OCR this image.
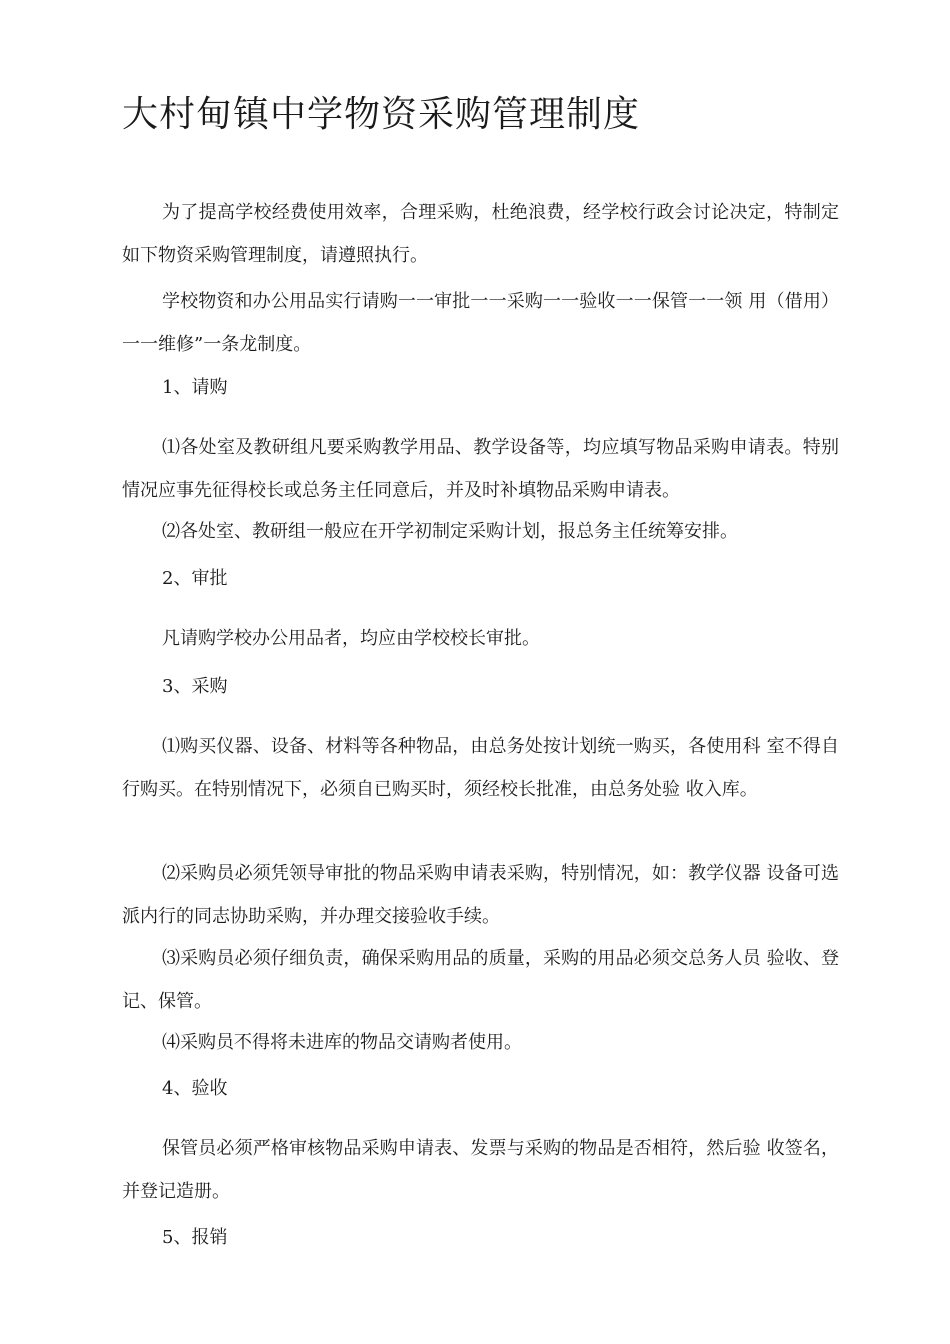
大村甸镇中学物资采购管理制度

为了提高学校经费使用效率，合理采购，杜绝浪费，经学校行政会讨论决定，特制定如下物资采购管理制度，请遵照执行。

学校物资和办公用品实行请购一一审批一一采购一一验收一一保管一一领 用（借用）一一维修”一条龙制度。

1、请购

⑴各处室及教研组凡要采购教学用品、教学设备等，均应填写物品采购申请表。特别情况应事先征得校长或总务主任同意后，并及时补填物品采购申请表。

⑵各处室、教研组一般应在开学初制定采购计划，报总务主任统筹安排。

2、审批

凡请购学校办公用品者，均应由学校校长审批。

3、采购

⑴购买仪器、设备、材料等各种物品，由总务处按计划统一购买，各使用科 室不得自行购买。在特别情况下，必须自已购买时，须经校长批准，由总务处验 收入库。

⑵采购员必须凭领导审批的物品采购申请表采购，特别情况，如：教学仪器 设备可选派内行的同志协助采购，并办理交接验收手续。

⑶采购员必须仔细负责，确保采购用品的质量，采购的用品必须交总务人员 验收、登记、保管。

⑷采购员不得将未进库的物品交请购者使用。

4、验收

保管员必须严格审核物品采购申请表、发票与采购的物品是否相符，然后验 收签名，并登记造册。

5、报销
